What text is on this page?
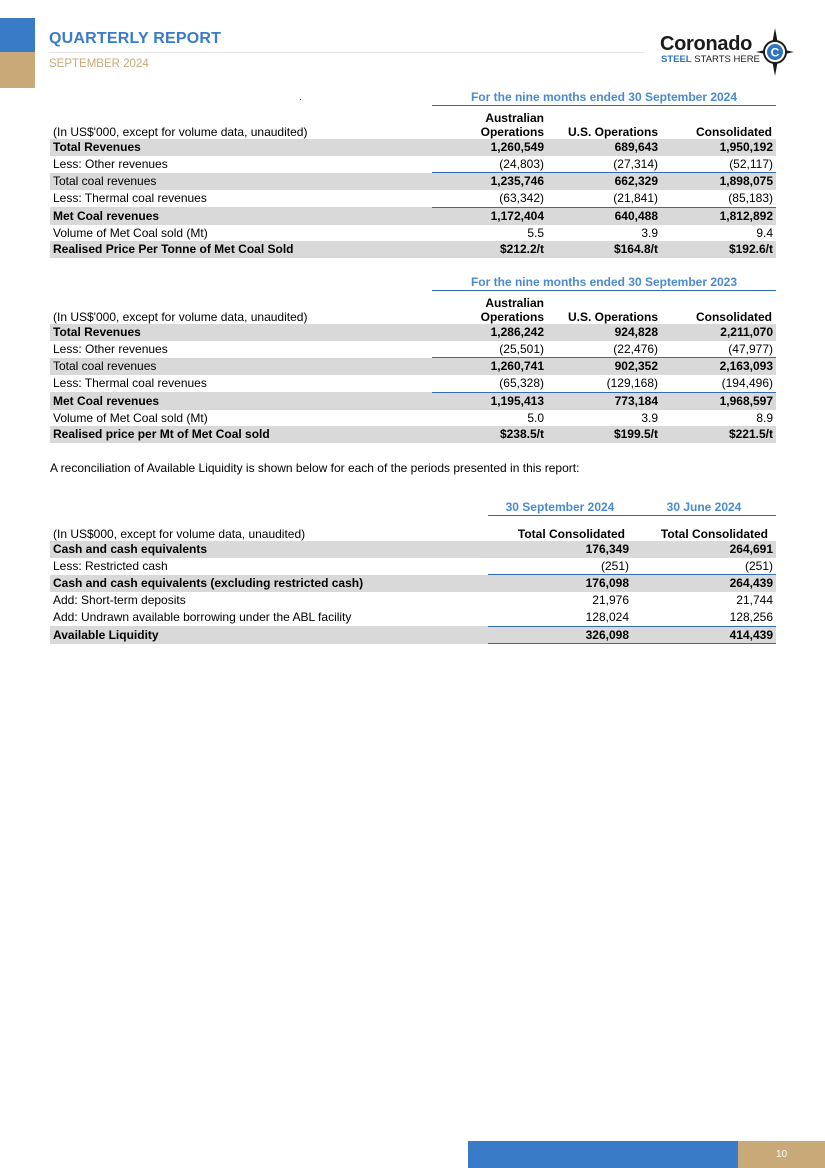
QUARTERLY REPORT
SEPTEMBER 2024
Coronado
STEEL STARTS HERE C
For the nine months ended 30 September 2024
Australian
Operations	U.S. Operations	Consolidated
(In US$'000, except for volume data, unaudited)
Total Revenues	1,260,549	689,643	1,950,192
Less: Other revenues	(24,803)	(27,314)	(52,117)
Total coal revenues	1,235,746	662,329	1,898,075
Less: Thermal coal revenues	(63,342)	(21,841)	(85,183)
Met Coal revenues	1,172,404	640,488	1,812,892
Volume of Met Coal sold (Mt)	5.5	3.9	9.4
Realised Price Per Tonne of Met Coal Sold	$212.2/t	$164.8/t	$192.6/t
For the nine months ended 30 September 2023
Australian
Operations	U.S. Operations	Consolidated
(In US$'000, except for volume data, unaudited)
Total Revenues	1,286,242	924,828	2,211,070
Less: Other revenues	(25,501)	(22,476)	(47,977)
Total coal revenues	1,260,741	902,352	2,163,093
Less: Thermal coal revenues	(65,328)	(129,168)	(194,496)
Met Coal revenues	1,195,413	773,184	1,968,597
Volume of Met Coal sold (Mt)	5.0	3.9	8.9
Realised price per Mt of Met Coal sold	$238.5/t	$199.5/t	$221.5/t
A reconciliation of Available Liquidity is shown below for each of the periods presented in this report:
30 September 2024	30 June 2024
Total Consolidated	Total Consolidated
(In US$000, except for volume data, unaudited)
Cash and cash equivalents	176,349	264,691
Less: Restricted cash	(251)	(251)
Cash and cash equivalents (excluding restricted cash)	176,098	264,439
Add: Short-term deposits	21,976	21,744
Add: Undrawn available borrowing under the ABL facility	128,024	128,256
Available Liquidity	326,098	414,439
10
